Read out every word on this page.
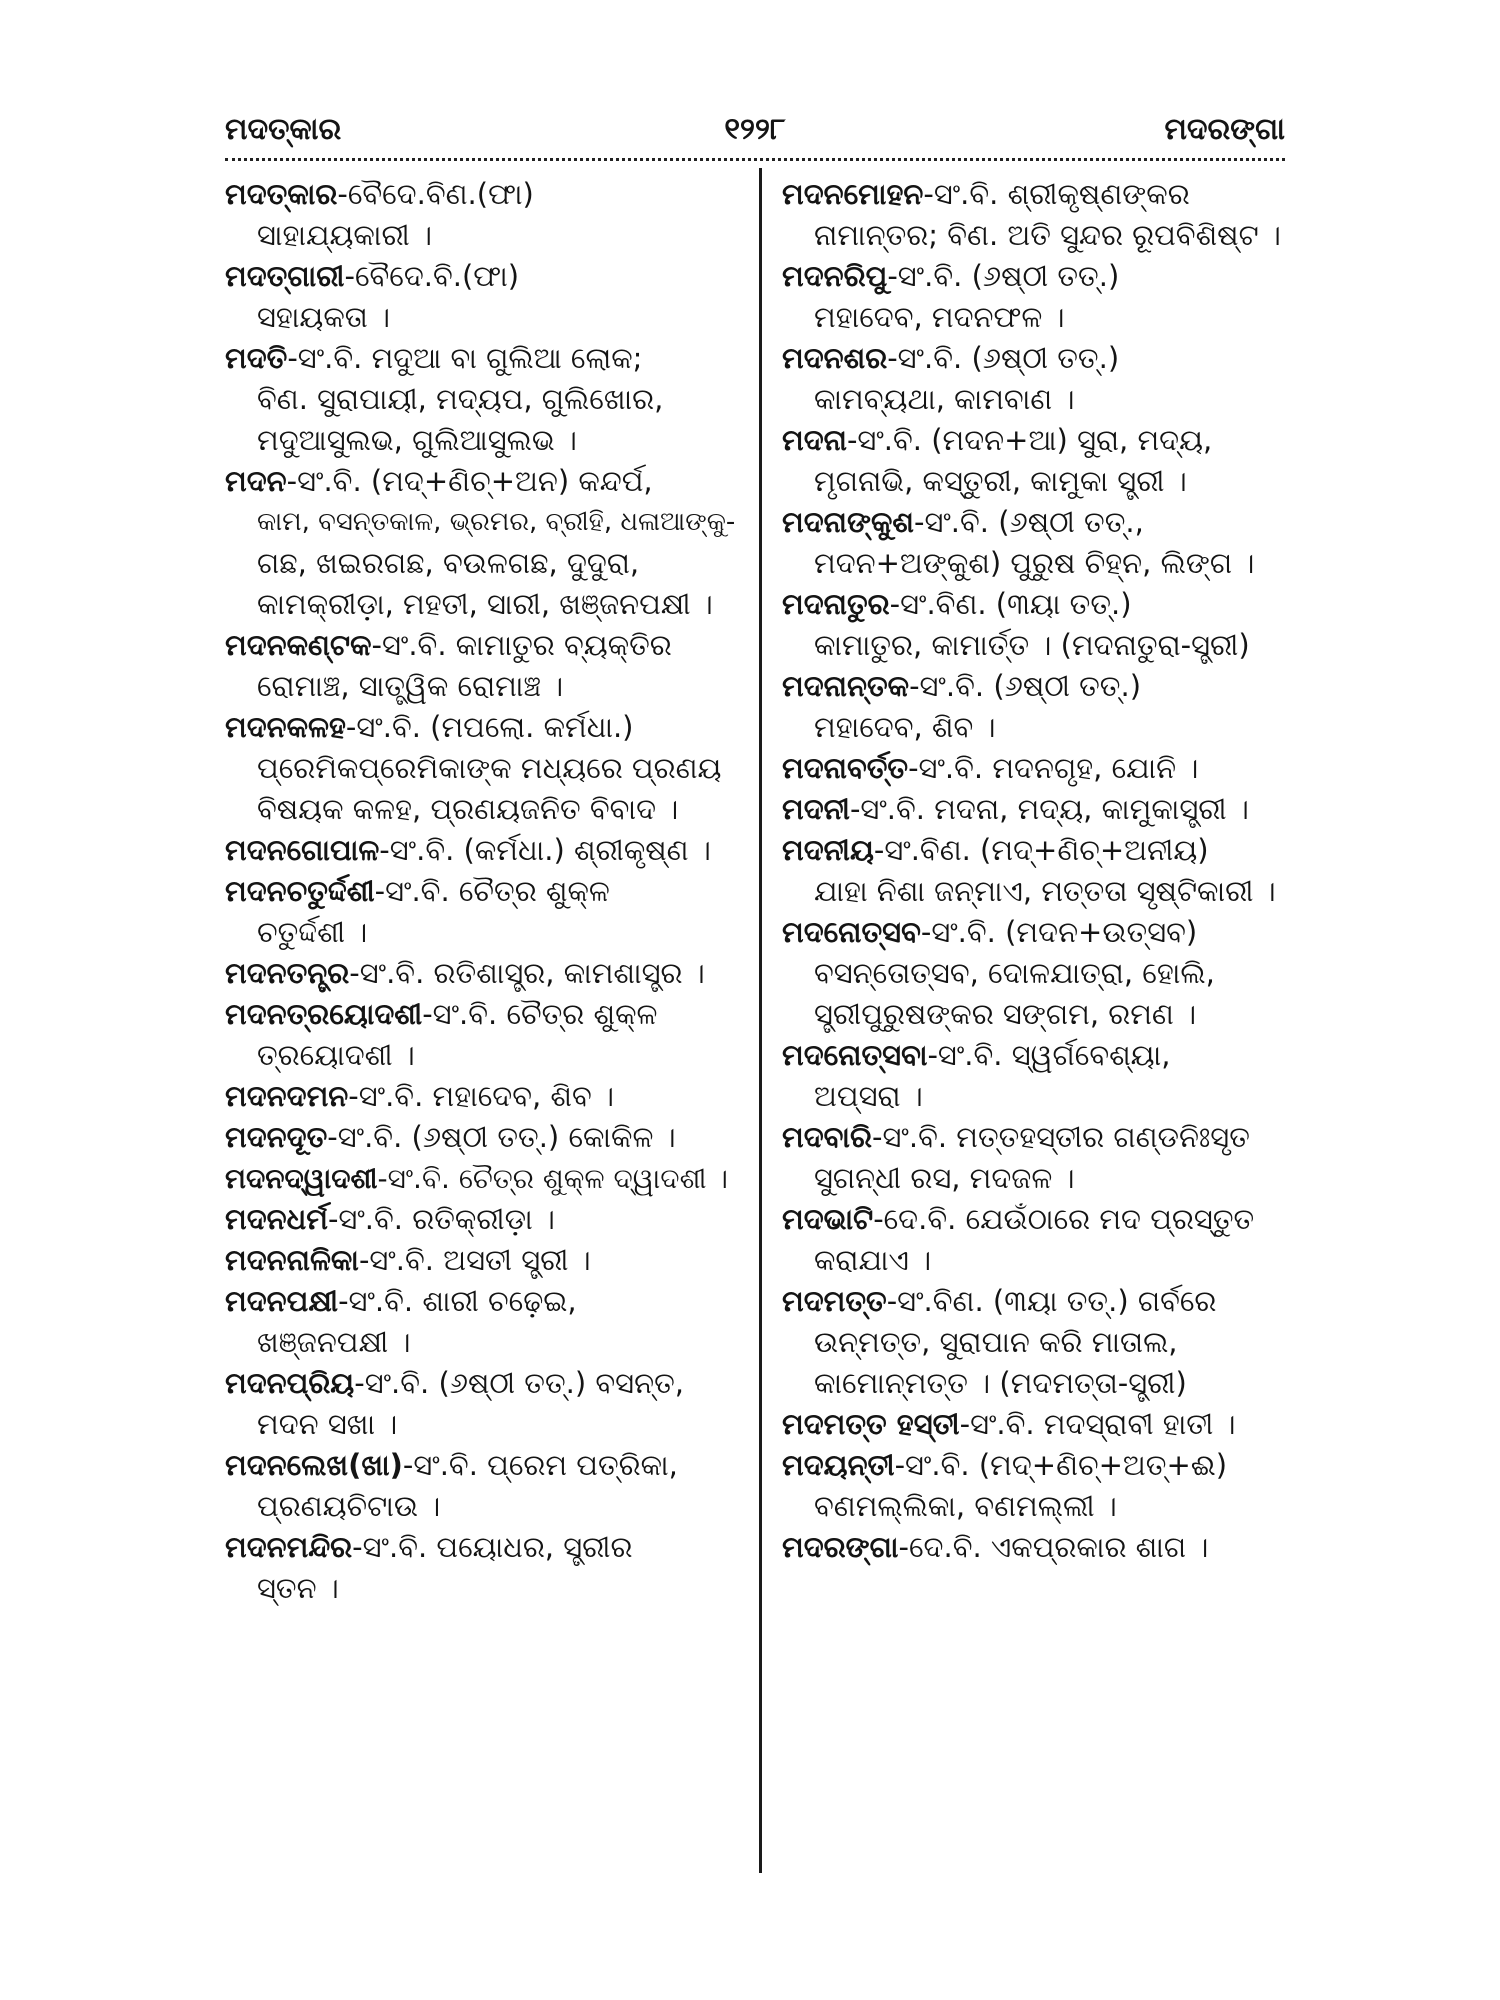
ମଦତ୍‌କାର	୧୨୨୮	ମଦରଙ୍ଗା
ମଦତ୍‌କାର-ବୈଦେ.ବିଣ.(ଫା)
ସାହାଯ୍ୟକାରୀ ।
ମଦତ୍‌ଗାରୀ-ବୈଦେ.ବି.(ଫା)
ସହାୟକତା ।
ମଦତି-ସଂ.ବି. ମଦୁଆ ବା ଗୁଲିଆ ଲୋକ;
ବିଣ. ସୁରାପାୟୀ, ମଦ୍ୟପ, ଗୁଲିଖୋର,
ମଦୁଆସୁଲଭ, ଗୁଲିଆସୁଲଭ ।
ମଦନ-ସଂ.ବି. (ମଦ୍‌+ଣିଚ୍‌+ଅନ) କନ୍ଦର୍ପ,
କାମ, ବସନ୍ତକାଳ, ଭ୍ରମର, ବ୍ରୀହି, ଧଳାଆଙ୍କୁ-
ଗଛ, ଖଇରଗଛ, ବଉଳଗଛ, ଦୁଦୁରା,
କାମକ୍ରୀଡ଼ା, ମହତୀ, ସାରୀ, ଖଞ୍ଜନପକ୍ଷୀ ।
ମଦନକଣ୍ଟକ-ସଂ.ବି. କାମାତୁର ବ୍ୟକ୍ତିର
ରୋମାଞ୍ଚ, ସାତ୍ତ୍ୱିକ ରୋମାଞ୍ଚ ।
ମଦନକଳହ-ସଂ.ବି. (ମପଲୋ. କର୍ମଧା.)
ପ୍ରେମିକପ୍ରେମିକାଙ୍କ ମଧ୍ୟରେ ପ୍ରଣୟ
ବିଷୟକ କଳହ, ପ୍ରଣୟଜନିତ ବିବାଦ ।
ମଦନଗୋପାଳ-ସଂ.ବି. (କର୍ମଧା.) ଶ୍ରୀକୃଷ୍ଣ ।
ମଦନଚତୁର୍ଦ୍ଦଶୀ-ସଂ.ବି. ଚୈତ୍ର ଶୁକ୍ଳ
ଚତୁର୍ଦ୍ଦଶୀ ।
ମଦନତନ୍ତ୍ର-ସଂ.ବି. ରତିଶାସ୍ତ୍ର, କାମଶାସ୍ତ୍ର ।
ମଦନତ୍ରୟୋଦଶୀ-ସଂ.ବି. ଚୈତ୍ର ଶୁକ୍ଳ
ତ୍ରୟୋଦଶୀ ।
ମଦନଦମନ-ସଂ.ବି. ମହାଦେବ, ଶିବ ।
ମଦନଦୂତ-ସଂ.ବି. (୬ଷ୍ଠୀ ତତ୍‌.) କୋକିଳ ।
ମଦନଦ୍ୱାଦଶୀ-ସଂ.ବି. ଚୈତ୍ର ଶୁକ୍ଳ ଦ୍ୱାଦଶୀ ।
ମଦନଧର୍ମ-ସଂ.ବି. ରତିକ୍ରୀଡ଼ା ।
ମଦନନାଳିକା-ସଂ.ବି. ଅସତୀ ସ୍ତ୍ରୀ ।
ମଦନପକ୍ଷୀ-ସଂ.ବି. ଶାରୀ ଚଢ଼େଇ,
ଖଞ୍ଜନପକ୍ଷୀ ।
ମଦନପ୍ରିୟ-ସଂ.ବି. (୬ଷ୍ଠୀ ତତ୍‌.) ବସନ୍ତ,
ମଦନ ସଖା ।
ମଦନଲେଖ(ଖା)-ସଂ.ବି. ପ୍ରେମ ପତ୍ରିକା,
ପ୍ରଣୟଚିଟାଉ ।
ମଦନମନ୍ଦିର-ସଂ.ବି. ପୟୋଧର, ସ୍ତ୍ରୀର
ସ୍ତନ ।
ମଦନମୋହନ-ସଂ.ବି. ଶ୍ରୀକୃଷ୍ଣଙ୍କର
ନାମାନ୍ତର; ବିଣ. ଅତି ସୁନ୍ଦର ରୂପବିଶିଷ୍ଟ ।
ମଦନରିପୁ-ସଂ.ବି. (୬ଷ୍ଠୀ ତତ୍‌.)
ମହାଦେବ, ମଦନଫଳ ।
ମଦନଶର-ସଂ.ବି. (୬ଷ୍ଠୀ ତତ୍‌.)
କାମବ୍ୟଥା, କାମବାଣ ।
ମଦନା-ସଂ.ବି. (ମଦନ+ଆ) ସୁରା, ମଦ୍ୟ,
ମୃଗନାଭି, କସ୍ତୁରୀ, କାମୁକା ସ୍ତ୍ରୀ ।
ମଦନାଙ୍କୁଶ-ସଂ.ବି. (୬ଷ୍ଠୀ ତତ୍‌.,
ମଦନ+ଅଙ୍କୁଶ) ପୁରୁଷ ଚିହ୍ନ, ଲିଙ୍ଗ ।
ମଦନାତୁର-ସଂ.ବିଣ. (୩ୟା ତତ୍‌.)
କାମାତୁର, କାମାର୍ତ୍ତ । (ମଦନାତୁରା-ସ୍ତ୍ରୀ)
ମଦନାନ୍ତକ-ସଂ.ବି. (୬ଷ୍ଠୀ ତତ୍‌.)
ମହାଦେବ, ଶିବ ।
ମଦନାବର୍ତ୍ତ-ସଂ.ବି. ମଦନଗୃହ, ଯୋନି ।
ମଦନୀ-ସଂ.ବି. ମଦନା, ମଦ୍ୟ, କାମୁକାସ୍ତ୍ରୀ ।
ମଦନୀୟ-ସଂ.ବିଣ. (ମଦ୍‌+ଣିଚ୍‌+ଅନୀୟ)
ଯାହା ନିଶା ଜନ୍ମାଏ, ମତ୍ତତା ସୃଷ୍ଟିକାରୀ ।
ମଦନୋତ୍ସବ-ସଂ.ବି. (ମଦନ+ଉତ୍ସବ)
ବସନ୍ତୋତ୍ସବ, ଦୋଳଯାତ୍ରା, ହୋଲି,
ସ୍ତ୍ରୀପୁରୁଷଙ୍କର ସଙ୍ଗମ, ରମଣ ।
ମଦନୋତ୍ସବା-ସଂ.ବି. ସ୍ୱର୍ଗବେଶ୍ୟା,
ଅପ୍ସରା ।
ମଦବାରି-ସଂ.ବି. ମତ୍ତହସ୍ତୀର ଗଣ୍ଡନିଃସୃତ
ସୁଗନ୍ଧୀ ରସ, ମଦଜଳ ।
ମଦଭାଟି-ଦେ.ବି. ଯେଉଁଠାରେ ମଦ ପ୍ରସ୍ତୁତ
କରାଯାଏ ।
ମଦମତ୍ତ-ସଂ.ବିଣ. (୩ୟା ତତ୍‌.) ଗର୍ବରେ
ଉନ୍ମତ୍ତ, ସୁରାପାନ କରି ମାତାଲ,
କାମୋନ୍ମତ୍ତ । (ମଦମତ୍ତା-ସ୍ତ୍ରୀ)
ମଦମତ୍ତ ହସ୍ତୀ-ସଂ.ବି. ମଦସ୍ରାବୀ ହାତୀ ।
ମଦୟନ୍ତୀ-ସଂ.ବି. (ମଦ୍‌+ଣିଚ୍‌+ଅତ୍‌+ଈ)
ବଣମଲ୍ଲିକା, ବଣମଲ୍ଲୀ ।
ମଦରଙ୍ଗା-ଦେ.ବି. ଏକପ୍ରକାର ଶାଗ ।
